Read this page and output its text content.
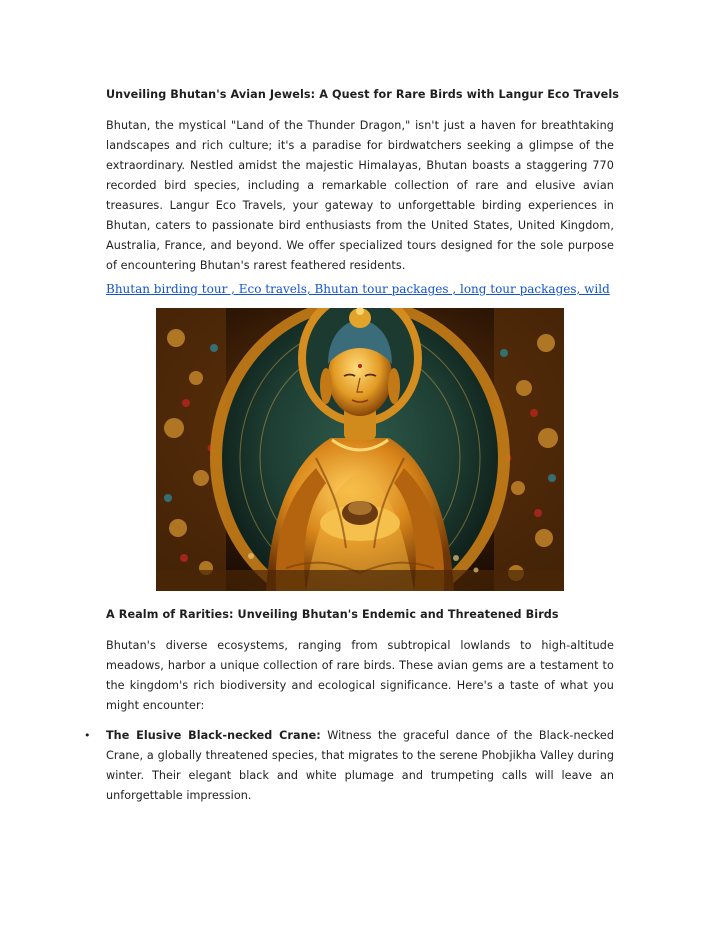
Unveiling Bhutan's Avian Jewels: A Quest for Rare Birds with Langur Eco Travels
Bhutan, the mystical "Land of the Thunder Dragon," isn't just a haven for breathtaking landscapes and rich culture; it's a paradise for birdwatchers seeking a glimpse of the extraordinary. Nestled amidst the majestic Himalayas, Bhutan boasts a staggering 770 recorded bird species, including a remarkable collection of rare and elusive avian treasures. Langur Eco Travels, your gateway to unforgettable birding experiences in Bhutan, caters to passionate bird enthusiasts from the United States, United Kingdom, Australia, France, and beyond. We offer specialized tours designed for the sole purpose of encountering Bhutan's rarest feathered residents.
Bhutan birding tour , Eco travels, Bhutan tour packages , long tour packages, wild
Bhutan's diverse ecosystems, ranging from subtropical lowlands to high-altitude meadows, harbor a unique collection of rare birds. These avian gems are a testament to the kingdom's rich biodiversity and ecological significance. Here's a taste of what you might encounter:
• The Elusive Black-necked Crane: Witness the graceful dance of the Black-necked Crane, a globally threatened species, that migrates to the serene Phobjikha Valley during winter. Their elegant black and white plumage and trumpeting calls will leave an unforgettable impression.
A Realm of Rarities: Unveiling Bhutan's Endemic and Threatened Birds
